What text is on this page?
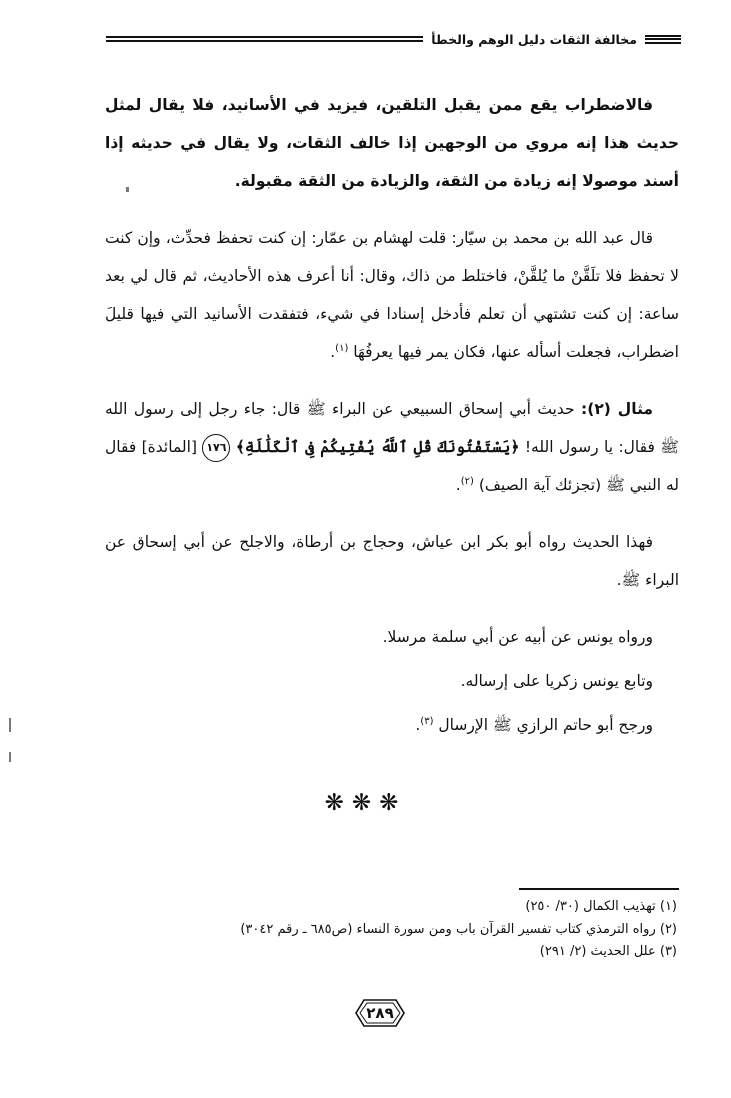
مخالفة الثقات دليل الوهم والخطأ

فالاضطراب يقع ممن يقبل التلقين، فيزيد في الأسانيد، فلا يقال لمثل حديث هذا إنه مروي من الوجهين إذا خالف الثقات، ولا يقال في حديثه إذا أسند موصولا إنه زيادة من الثقة، والزيادة من الثقة مقبولة.

قال عبد الله بن محمد بن سيّار: قلت لهشام بن عمّار: إن كنت تحفظ فحدِّث، وإن كنت لا تحفظ فلا تلَقَّنْ ما يُلقَّنْ، فاختلط من ذاك، وقال: أنا أعرف هذه الأحاديث، ثم قال لي بعد ساعة: إن كنت تشتهي أن تعلم فأدخل إسنادا في شيء، فتفقدت الأسانيد التي فيها قليلَ اضطراب، فجعلت أسأله عنها، فكان يمر فيها يعرفُهَا $^{(١)}$.

مثال (٢): حديث أبي إسحاق السبيعي عن البراء ﷺ قال: جاء رجل إلى رسول الله ﷺ فقال: يا رسول الله! ﴿يَسْتَفْتُونَكَ قُلِ ٱللَّهُ يُفْتِيكُمْ فِى ٱلْكَلَٰلَةِ﴾ ١٧٦ [المائدة] فقال له النبي ﷺ (تجزئك آية الصيف) $^{(٢)}$.

فهذا الحديث رواه أبو بكر ابن عياش، وحجاج بن أرطاة، والاجلح عن أبي إسحاق عن البراء ﷺ.

ورواه يونس عن أبيه عن أبي سلمة مرسلا.

وتابع يونس زكريا على إرساله.

ورجح أبو حاتم الرازي ﷺ الإرسال $^{(٣)}$.

❋❋❋

(١) تهذيب الكمال (٣٠/ ٢٥٠)

(٢) رواه الترمذي كتاب تفسير القرآن باب ومن سورة النساء (ص٦٨٥ ـ رقم ٣٠٤٢)

(٣) علل الحديث (٢/ ٢٩١)

٢٨٩
